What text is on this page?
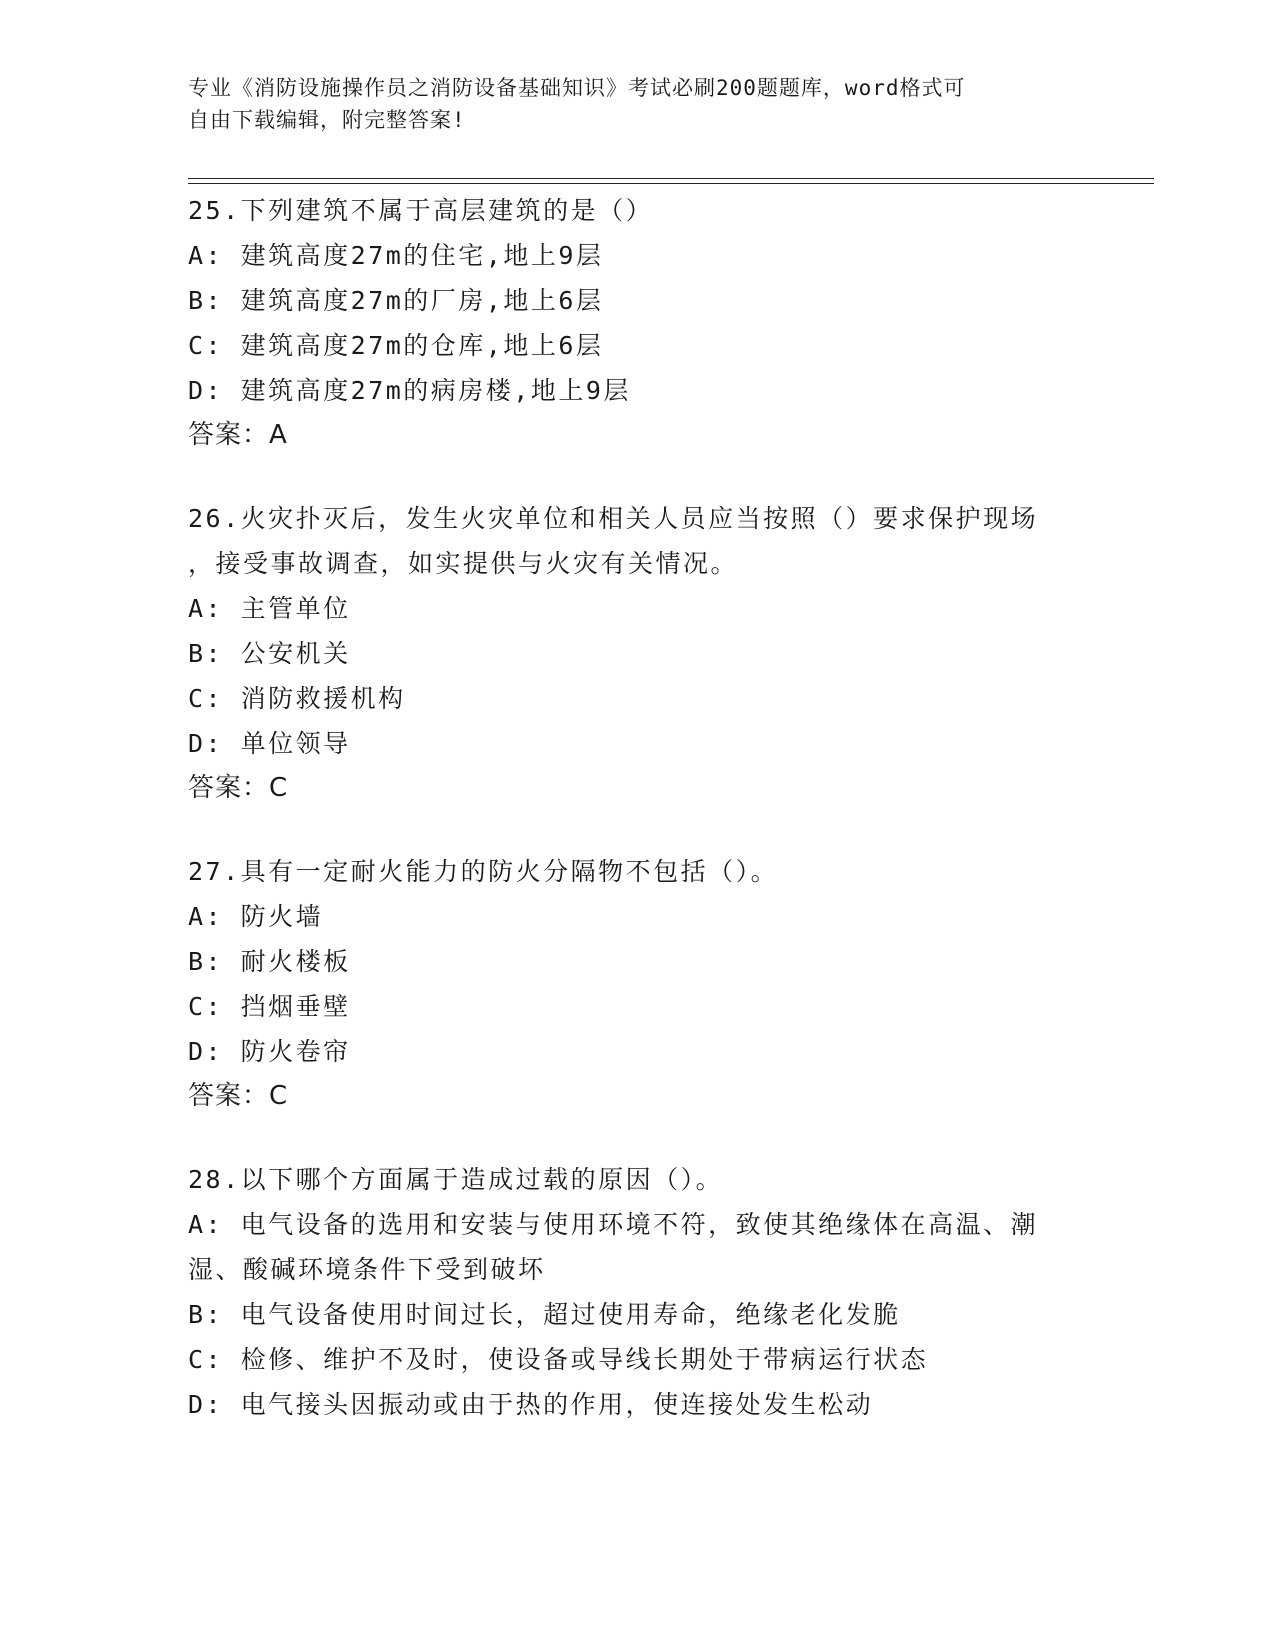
专业《消防设施操作员之消防设备基础知识》考试必刷200题题库，word格式可
自由下载编辑，附完整答案!
25.下列建筑不属于高层建筑的是（）
A: 建筑高度27m的住宅,地上9层
B: 建筑高度27m的厂房,地上6层
C: 建筑高度27m的仓库,地上6层
D: 建筑高度27m的病房楼,地上9层
答案：A
26.火灾扑灭后，发生火灾单位和相关人员应当按照（）要求保护现场
，接受事故调查，如实提供与火灾有关情况。
A: 主管单位
B: 公安机关
C: 消防救援机构
D: 单位领导
答案：C
27.具有一定耐火能力的防火分隔物不包括（）。
A: 防火墙
B: 耐火楼板
C: 挡烟垂壁
D: 防火卷帘
答案：C
28.以下哪个方面属于造成过载的原因（）。
A: 电气设备的选用和安装与使用环境不符，致使其绝缘体在高温、潮
湿、酸碱环境条件下受到破坏
B: 电气设备使用时间过长，超过使用寿命，绝缘老化发脆
C: 检修、维护不及时，使设备或导线长期处于带病运行状态
D: 电气接头因振动或由于热的作用，使连接处发生松动
